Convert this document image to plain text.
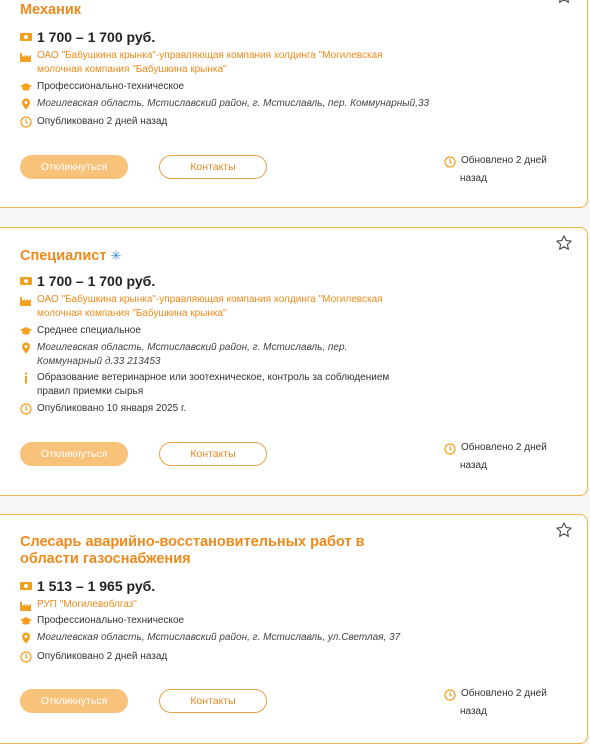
Механик
1 700 – 1 700 руб.
ОАО "Бабушкина крынка"-управляющая компания холдинга "Могилевская молочная компания "Бабушкина крынка"
Профессионально-техническое
Могилевская область, Мстиславский район, г. Мстиславль, пер. Коммунарный,33
Опубликовано 2 дней назад
Откликнуться	Контакты
Обновлено 2 дней
назад
Специалист ✳
1 700 – 1 700 руб.
ОАО "Бабушкина крынка"-управляющая компания холдинга "Могилевская молочная компания "Бабушкина крынка"
Среднее специальное
Могилевская область, Мстиславский район, г. Мстиславль, пер. Коммунарный д.33 213453
Образование ветеринарное или зоотехническое, контроль за соблюдением правил приемки сырья
Опубликовано 10 января 2025 г.
Откликнуться	Контакты
Обновлено 2 дней
назад
Слесарь аварийно-восстановительных работ в области газоснабжения
1 513 – 1 965 руб.
РУП "Могилевоблгаз"
Профессионально-техническое
Могилевская область, Мстиславский район, г. Мстиславль, ул.Светлая, 37
Опубликовано 2 дней назад
Откликнуться	Контакты
Обновлено 2 дней
назад
